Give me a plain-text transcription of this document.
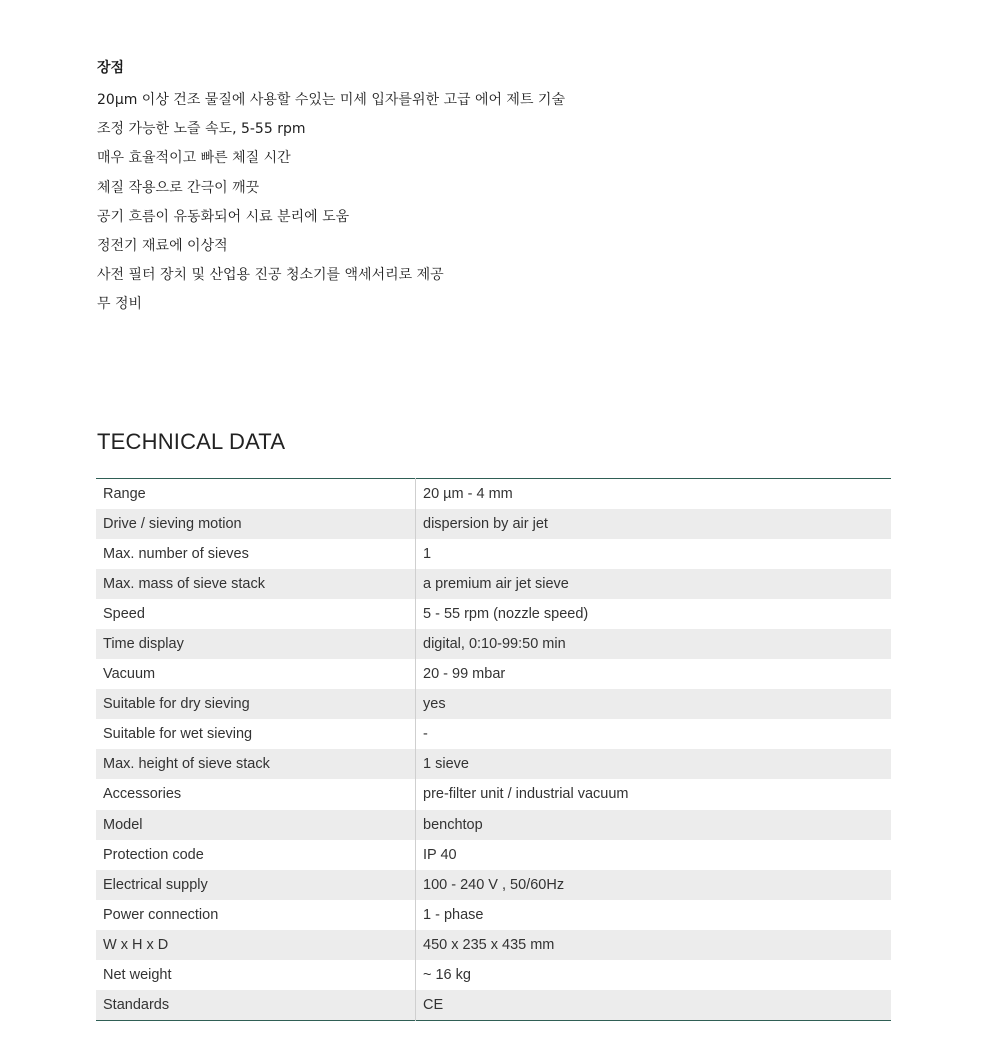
장점
20μm 이상 건조 물질에 사용할 수있는 미세 입자를위한 고급 에어 제트 기술
조정 가능한 노즐 속도, 5-55 rpm
매우 효율적이고 빠른 체질 시간
체질 작용으로 간극이 깨끗
공기 흐름이 유동화되어 시료 분리에 도움
정전기 재료에 이상적
사전 필터 장치 및 산업용 진공 청소기를 액세서리로 제공
무 정비
TECHNICAL DATA
Range	20 µm - 4 mm
Drive / sieving motion	dispersion by air jet
Max. number of sieves	1
Max. mass of sieve stack	a premium air jet sieve
Speed	5 - 55 rpm (nozzle speed)
Time display	digital, 0:10-99:50 min
Vacuum	20 - 99 mbar
Suitable for dry sieving	yes
Suitable for wet sieving	-
Max. height of sieve stack	1 sieve
Accessories	pre-filter unit / industrial vacuum
Model	benchtop
Protection code	IP 40
Electrical supply	100 - 240 V , 50/60Hz
Power connection	1 - phase
W x H x D	450 x 235 x 435 mm
Net weight	~ 16 kg
Standards	CE
